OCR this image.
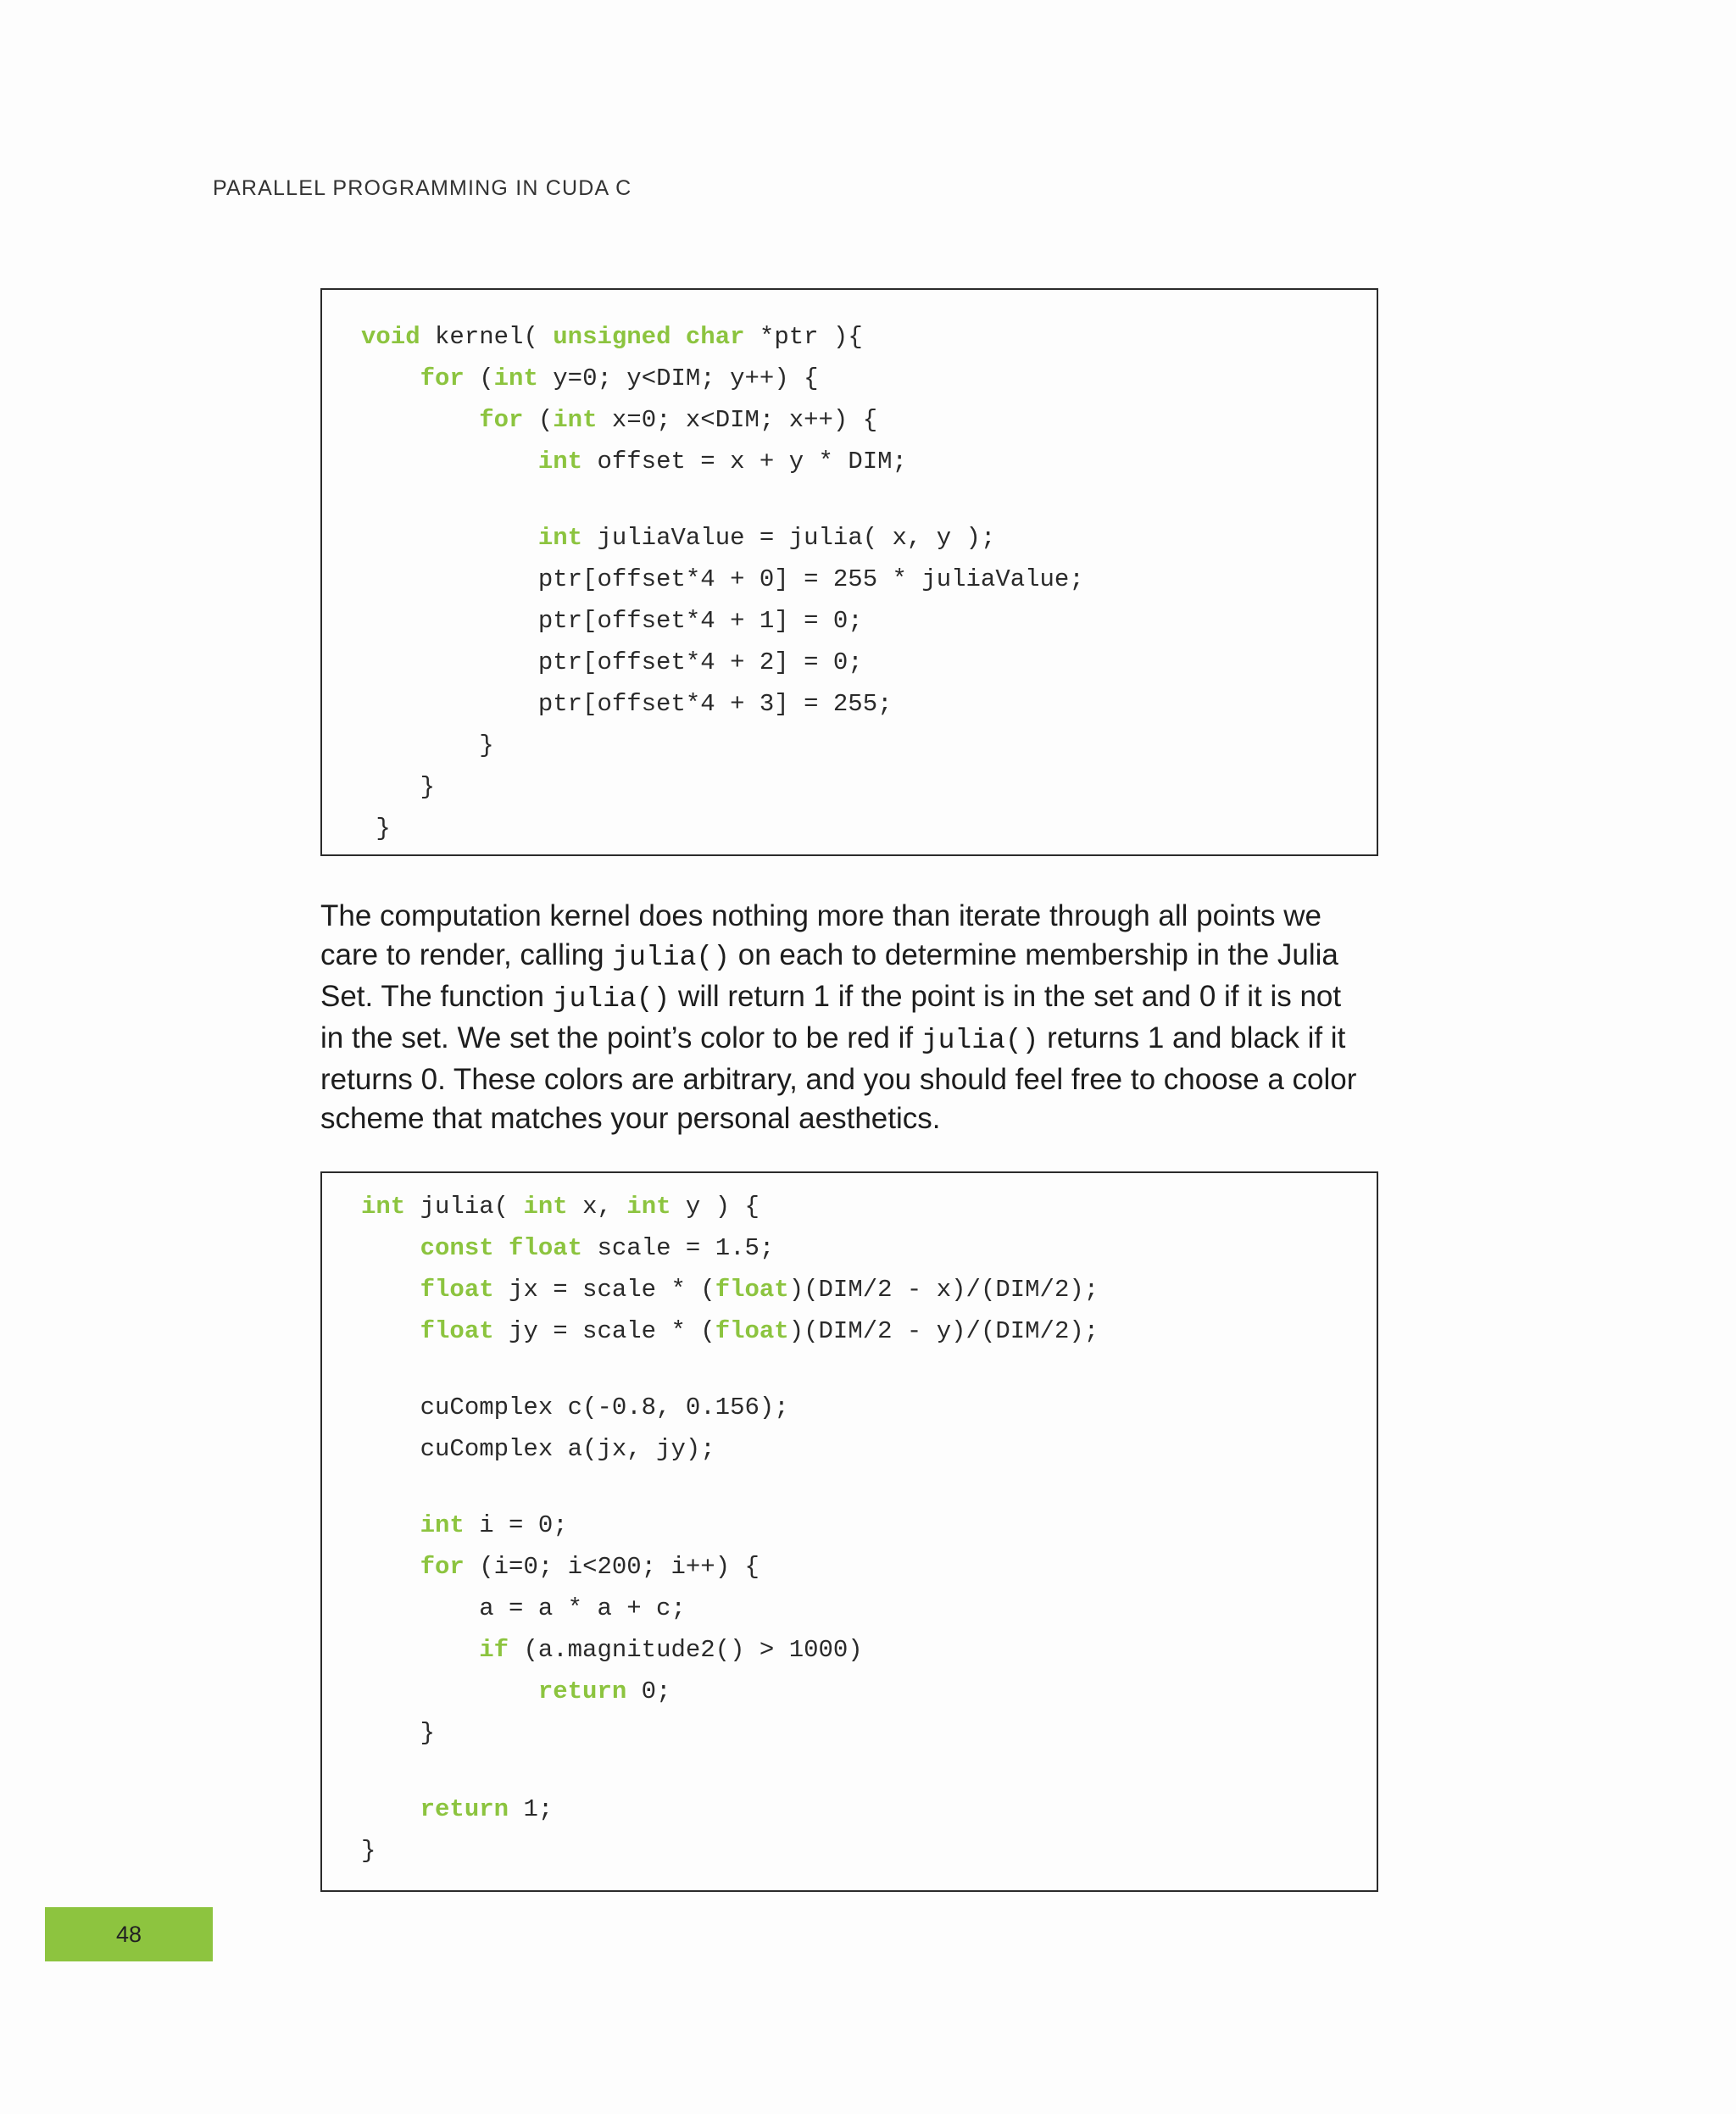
PARALLEL PROGRAMMING IN CUDA C
void kernel( unsigned char *ptr ){
for (int y=0; y<DIM; y++) {
for (int x=0; x<DIM; x++) {
int offset = x + y * DIM;
int juliaValue = julia( x, y );
ptr[offset*4 + 0] = 255 * juliaValue;
ptr[offset*4 + 1] = 0;
ptr[offset*4 + 2] = 0;
ptr[offset*4 + 3] = 255;
}
}
}
The computation kernel does nothing more than iterate through all points we
care to render, calling julia() on each to determine membership in the Julia
Set. The function julia() will return 1 if the point is in the set and 0 if it is not
in the set. We set the point’s color to be red if julia() returns 1 and black if it
returns 0. These colors are arbitrary, and you should feel free to choose a color
scheme that matches your personal aesthetics.
int julia( int x, int y ) {
const float scale = 1.5;
float jx = scale * (float)(DIM/2 - x)/(DIM/2);
float jy = scale * (float)(DIM/2 - y)/(DIM/2);
cuComplex c(-0.8, 0.156);
cuComplex a(jx, jy);
int i = 0;
for (i=0; i<200; i++) {
a = a * a + c;
if (a.magnitude2() > 1000)
return 0;
}
return 1;
}
48
